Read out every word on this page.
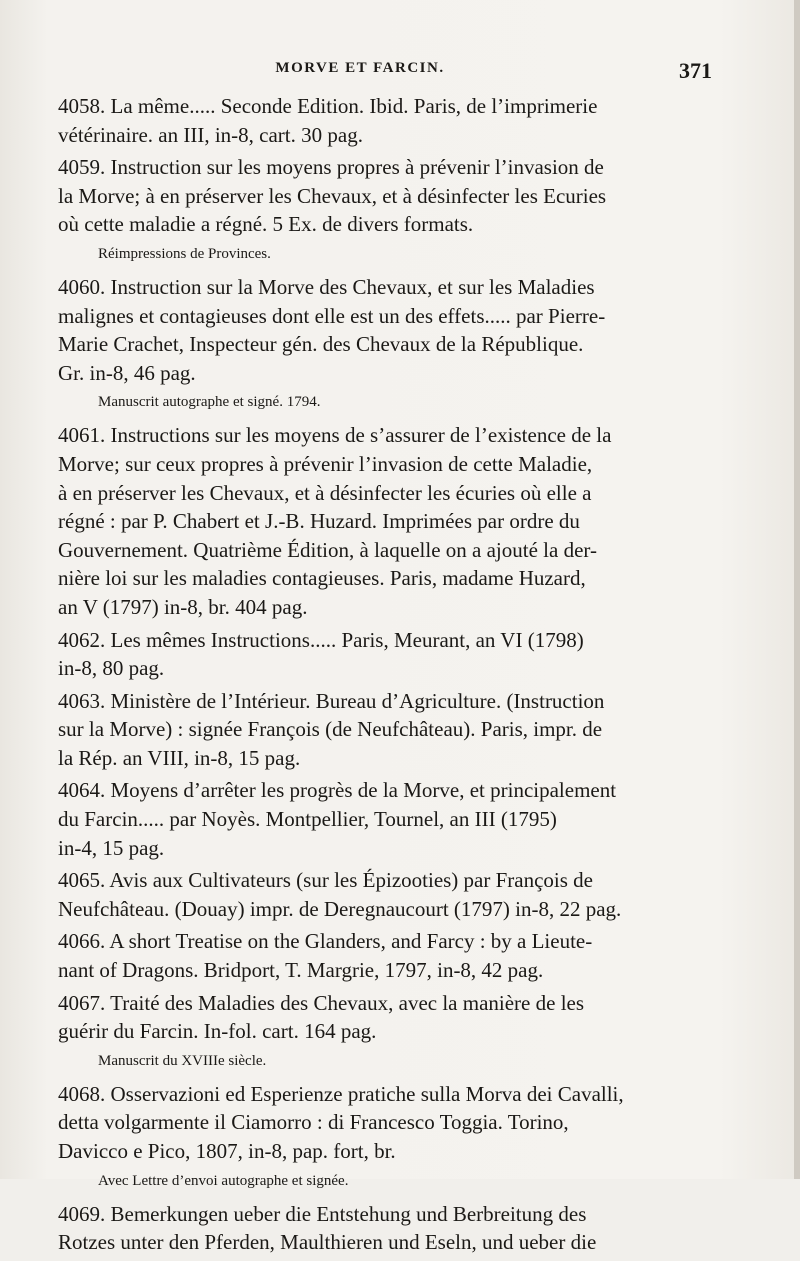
MORVE ET FARCIN.	371
4058. La même..... Seconde Edition. Ibid. Paris, de l’imprimerie
vétérinaire. an III, in-8, cart. 30 pag.
4059. Instruction sur les moyens propres à prévenir l’invasion de
la Morve; à en préserver les Chevaux, et à désinfecter les Ecuries
où cette maladie a régné. 5 Ex. de divers formats.
Réimpressions de Provinces.
4060. Instruction sur la Morve des Chevaux, et sur les Maladies
malignes et contagieuses dont elle est un des effets..... par Pierre-
Marie Crachet, Inspecteur gén. des Chevaux de la République.
Gr. in-8, 46 pag.
Manuscrit autographe et signé. 1794.
4061. Instructions sur les moyens de s’assurer de l’existence de la
Morve; sur ceux propres à prévenir l’invasion de cette Maladie,
à en préserver les Chevaux, et à désinfecter les écuries où elle a
régné : par P. Chabert et J.-B. Huzard. Imprimées par ordre du
Gouvernement. Quatrième Édition, à laquelle on a ajouté la der-
nière loi sur les maladies contagieuses. Paris, madame Huzard,
an V (1797) in-8, br. 404 pag.
4062. Les mêmes Instructions..... Paris, Meurant, an VI (1798)
in-8, 80 pag.
4063. Ministère de l’Intérieur. Bureau d’Agriculture. (Instruction
sur la Morve) : signée François (de Neufchâteau). Paris, impr. de
la Rép. an VIII, in-8, 15 pag.
4064. Moyens d’arrêter les progrès de la Morve, et principalement
du Farcin..... par Noyès. Montpellier, Tournel, an III (1795)
in-4, 15 pag.
4065. Avis aux Cultivateurs (sur les Épizooties) par François de
Neufchâteau. (Douay) impr. de Deregnaucourt (1797) in-8, 22 pag.
4066. A short Treatise on the Glanders, and Farcy : by a Lieute-
nant of Dragons. Bridport, T. Margrie, 1797, in-8, 42 pag.
4067. Traité des Maladies des Chevaux, avec la manière de les
guérir du Farcin. In-fol. cart. 164 pag.
Manuscrit du XVIIIe siècle.
4068. Osservazioni ed Esperienze pratiche sulla Morva dei Cavalli,
detta volgarmente il Ciamorro : di Francesco Toggia. Torino,
Davicco e Pico, 1807, in-8, pap. fort, br.
Avec Lettre d’envoi autographe et signée.
4069. Bemerkungen ueber die Entstehung und Berbreitung des
Rotzes unter den Pferden, Maulthieren und Eseln, und ueber die
